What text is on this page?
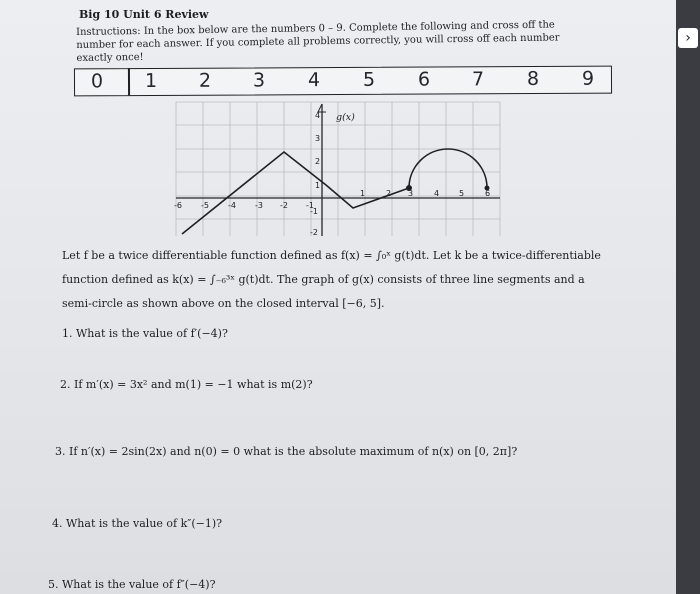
›
Big 10 Unit 6 Review
Instructions: In the box below are the numbers 0 – 9. Complete the following and cross off the number for each answer. If you complete all problems correctly, you will cross off each number exactly once!
0 1 2 3 4 5 6 7 8 9
g(x)
-6 -5 -4 -3 -2 -1
1	2 3	4 5	6
4
3
2
1
-1
-2
Let f be a twice differentiable function defined as f(x) = ∫₀ˣ g(t)dt. Let k be a twice-differentiable
function defined as k(x) = ∫₋₆³ˣ g(t)dt. The graph of g(x) consists of three line segments and a
semi-circle as shown above on the closed interval [−6, 5].
1. What is the value of f′(−4)?
2. If m′(x) = 3x² and m(1) = −1 what is m(2)?
3. If n′(x) = 2sin(2x) and n(0) = 0 what is the absolute maximum of n(x) on [0, 2π]?
4. What is the value of k″(−1)?
5. What is the value of f″(−4)?
